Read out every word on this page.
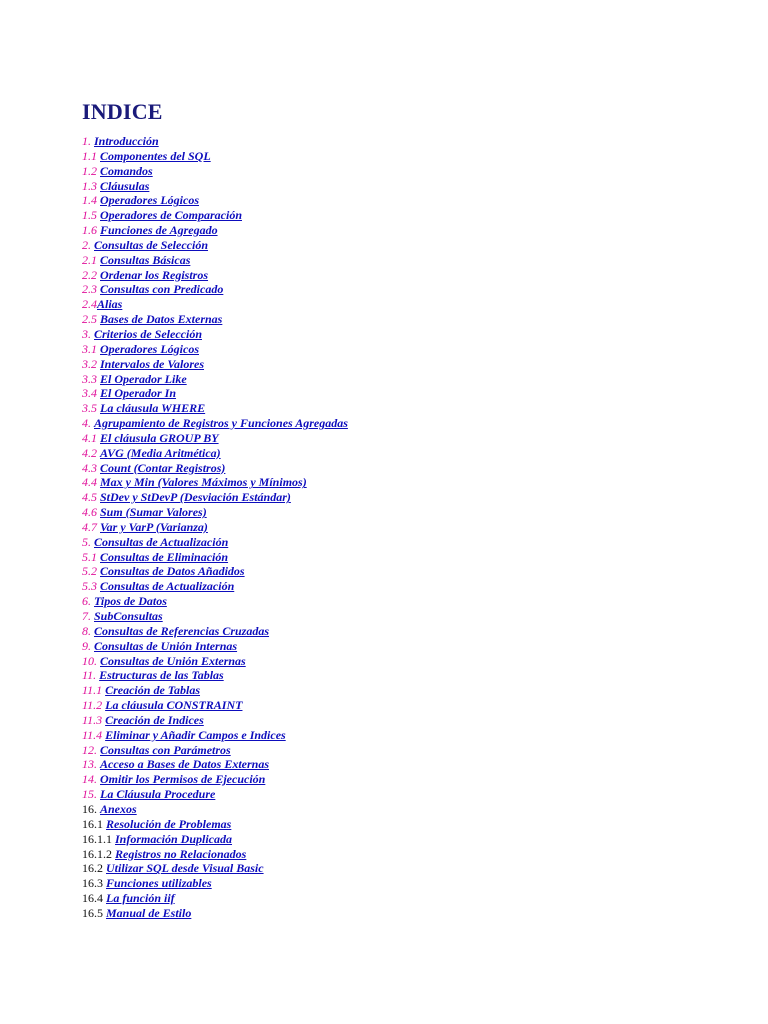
INDICE
1. Introducción
1.1 Componentes del SQL
1.2 Comandos
1.3 Cláusulas
1.4 Operadores Lógicos
1.5 Operadores de Comparación
1.6 Funciones de Agregado
2. Consultas de Selección
2.1 Consultas Básicas
2.2 Ordenar los Registros
2.3 Consultas con Predicado
2.4Alias
2.5 Bases de Datos Externas
3. Criterios de Selección
3.1 Operadores Lógicos
3.2 Intervalos de Valores
3.3 El Operador Like
3.4 El Operador In
3.5 La cláusula WHERE
4. Agrupamiento de Registros y Funciones Agregadas
4.1 El cláusula GROUP BY
4.2 AVG (Media Aritmética)
4.3 Count (Contar Registros)
4.4 Max y Min (Valores Máximos y Mínimos)
4.5 StDev y StDevP (Desviación Estándar)
4.6 Sum (Sumar Valores)
4.7 Var y VarP (Varianza)
5. Consultas de Actualización
5.1 Consultas de Eliminación
5.2 Consultas de Datos Añadidos
5.3 Consultas de Actualización
6. Tipos de Datos
7. SubConsultas
8. Consultas de Referencias Cruzadas
9. Consultas de Unión Internas
10. Consultas de Unión Externas
11. Estructuras de las Tablas
11.1 Creación de Tablas
11.2 La cláusula CONSTRAINT
11.3 Creación de Indices
11.4 Eliminar y Añadir Campos e Indices
12. Consultas con Parámetros
13. Acceso a Bases de Datos Externas
14. Omitir los Permisos de Ejecución
15. La Cláusula Procedure
16. Anexos
16.1 Resolución de Problemas
16.1.1 Información Duplicada
16.1.2 Registros no Relacionados
16.2 Utilizar SQL desde Visual Basic
16.3 Funciones utilizables
16.4 La función iif
16.5 Manual de Estilo
